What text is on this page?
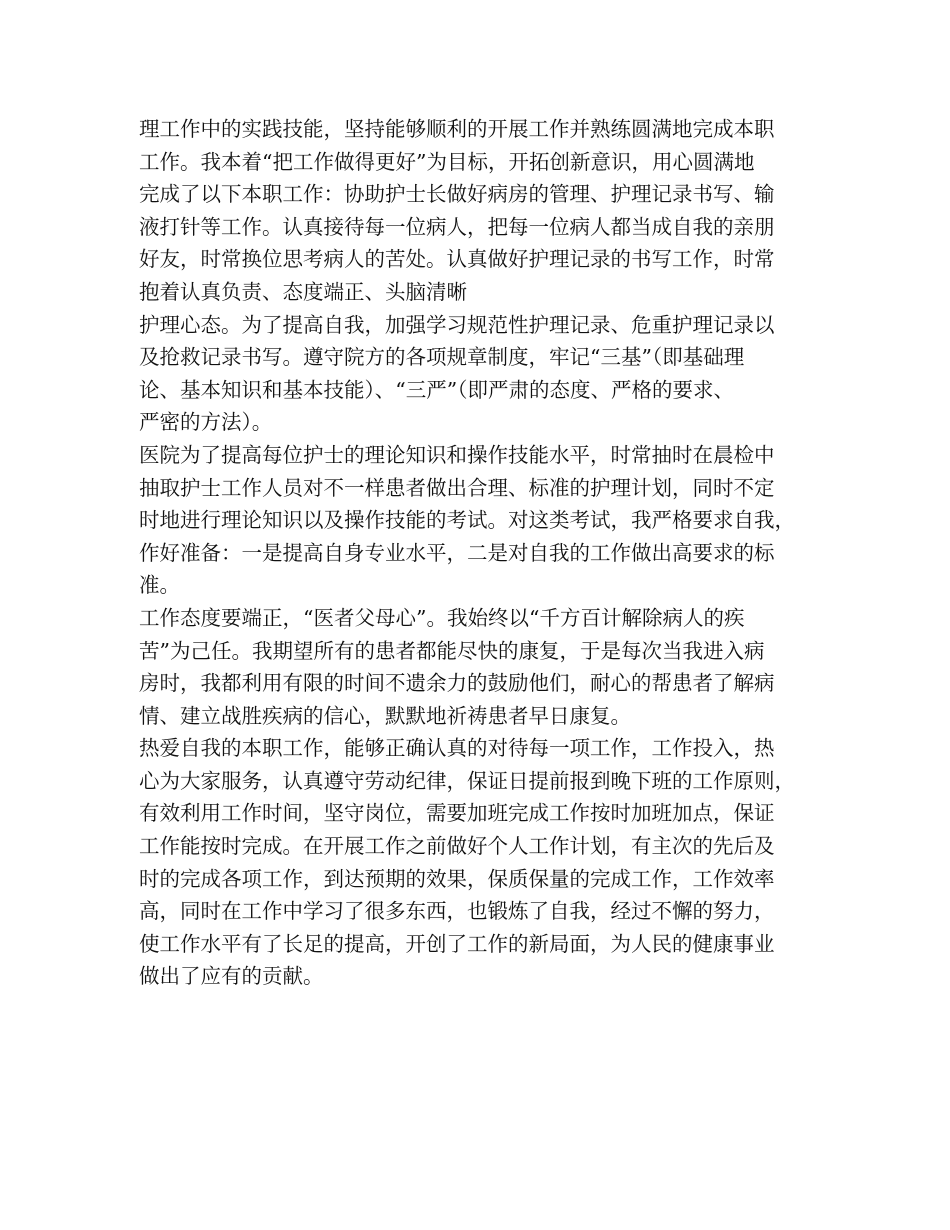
理工作中的实践技能，坚持能够顺利的开展工作并熟练圆满地完成本职
工作。我本着“把工作做得更好”为目标，开拓创新意识，用心圆满地
完成了以下本职工作：协助护士长做好病房的管理、护理记录书写、输
液打针等工作。认真接待每一位病人，把每一位病人都当成自我的亲朋
好友，时常换位思考病人的苦处。认真做好护理记录的书写工作，时常
抱着认真负责、态度端正、头脑清晰
护理心态。为了提高自我，加强学习规范性护理记录、危重护理记录以
及抢救记录书写。遵守院方的各项规章制度，牢记“三基”（即基础理
论、基本知识和基本技能）、“三严”（即严肃的态度、严格的要求、
严密的方法）。
医院为了提高每位护士的理论知识和操作技能水平，时常抽时在晨检中
抽取护士工作人员对不一样患者做出合理、标准的护理计划，同时不定
时地进行理论知识以及操作技能的考试。对这类考试，我严格要求自我，
作好准备：一是提高自身专业水平，二是对自我的工作做出高要求的标
准。
工作态度要端正，“医者父母心”。我始终以“千方百计解除病人的疾
苦”为己任。我期望所有的患者都能尽快的康复，于是每次当我进入病
房时，我都利用有限的时间不遗余力的鼓励他们，耐心的帮患者了解病
情、建立战胜疾病的信心，默默地祈祷患者早日康复。
热爱自我的本职工作，能够正确认真的对待每一项工作，工作投入，热
心为大家服务，认真遵守劳动纪律，保证日提前报到晚下班的工作原则，
有效利用工作时间，坚守岗位，需要加班完成工作按时加班加点，保证
工作能按时完成。在开展工作之前做好个人工作计划，有主次的先后及
时的完成各项工作，到达预期的效果，保质保量的完成工作，工作效率
高，同时在工作中学习了很多东西，也锻炼了自我，经过不懈的努力，
使工作水平有了长足的提高，开创了工作的新局面，为人民的健康事业
做出了应有的贡献。
